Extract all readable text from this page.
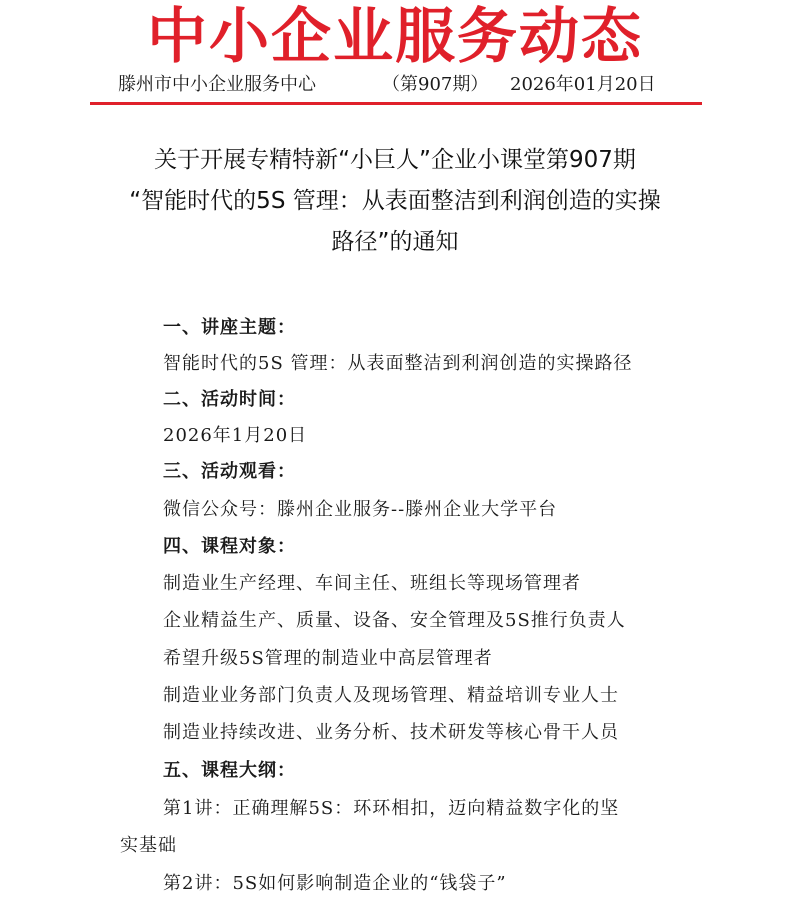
中小企业服务动态
滕州市中小企业服务中心	（第907期） 2026年01月20日
关于开展专精特新“小巨人”企业小课堂第907期
“智能时代的5S 管理：从表面整洁到利润创造的实操
路径”的通知
一、讲座主题：
智能时代的5S 管理：从表面整洁到利润创造的实操路径
二、活动时间：
2026年1月20日
三、活动观看：
微信公众号：滕州企业服务--滕州企业大学平台
四、课程对象：
制造业生产经理、车间主任、班组长等现场管理者
企业精益生产、质量、设备、安全管理及5S推行负责人
希望升级5S管理的制造业中高层管理者
制造业业务部门负责人及现场管理、精益培训专业人士
制造业持续改进、业务分析、技术研发等核心骨干人员
五、课程大纲：
第1讲：正确理解5S：环环相扣，迈向精益数字化的坚
实基础
第2讲：5S如何影响制造企业的“钱袋子”
